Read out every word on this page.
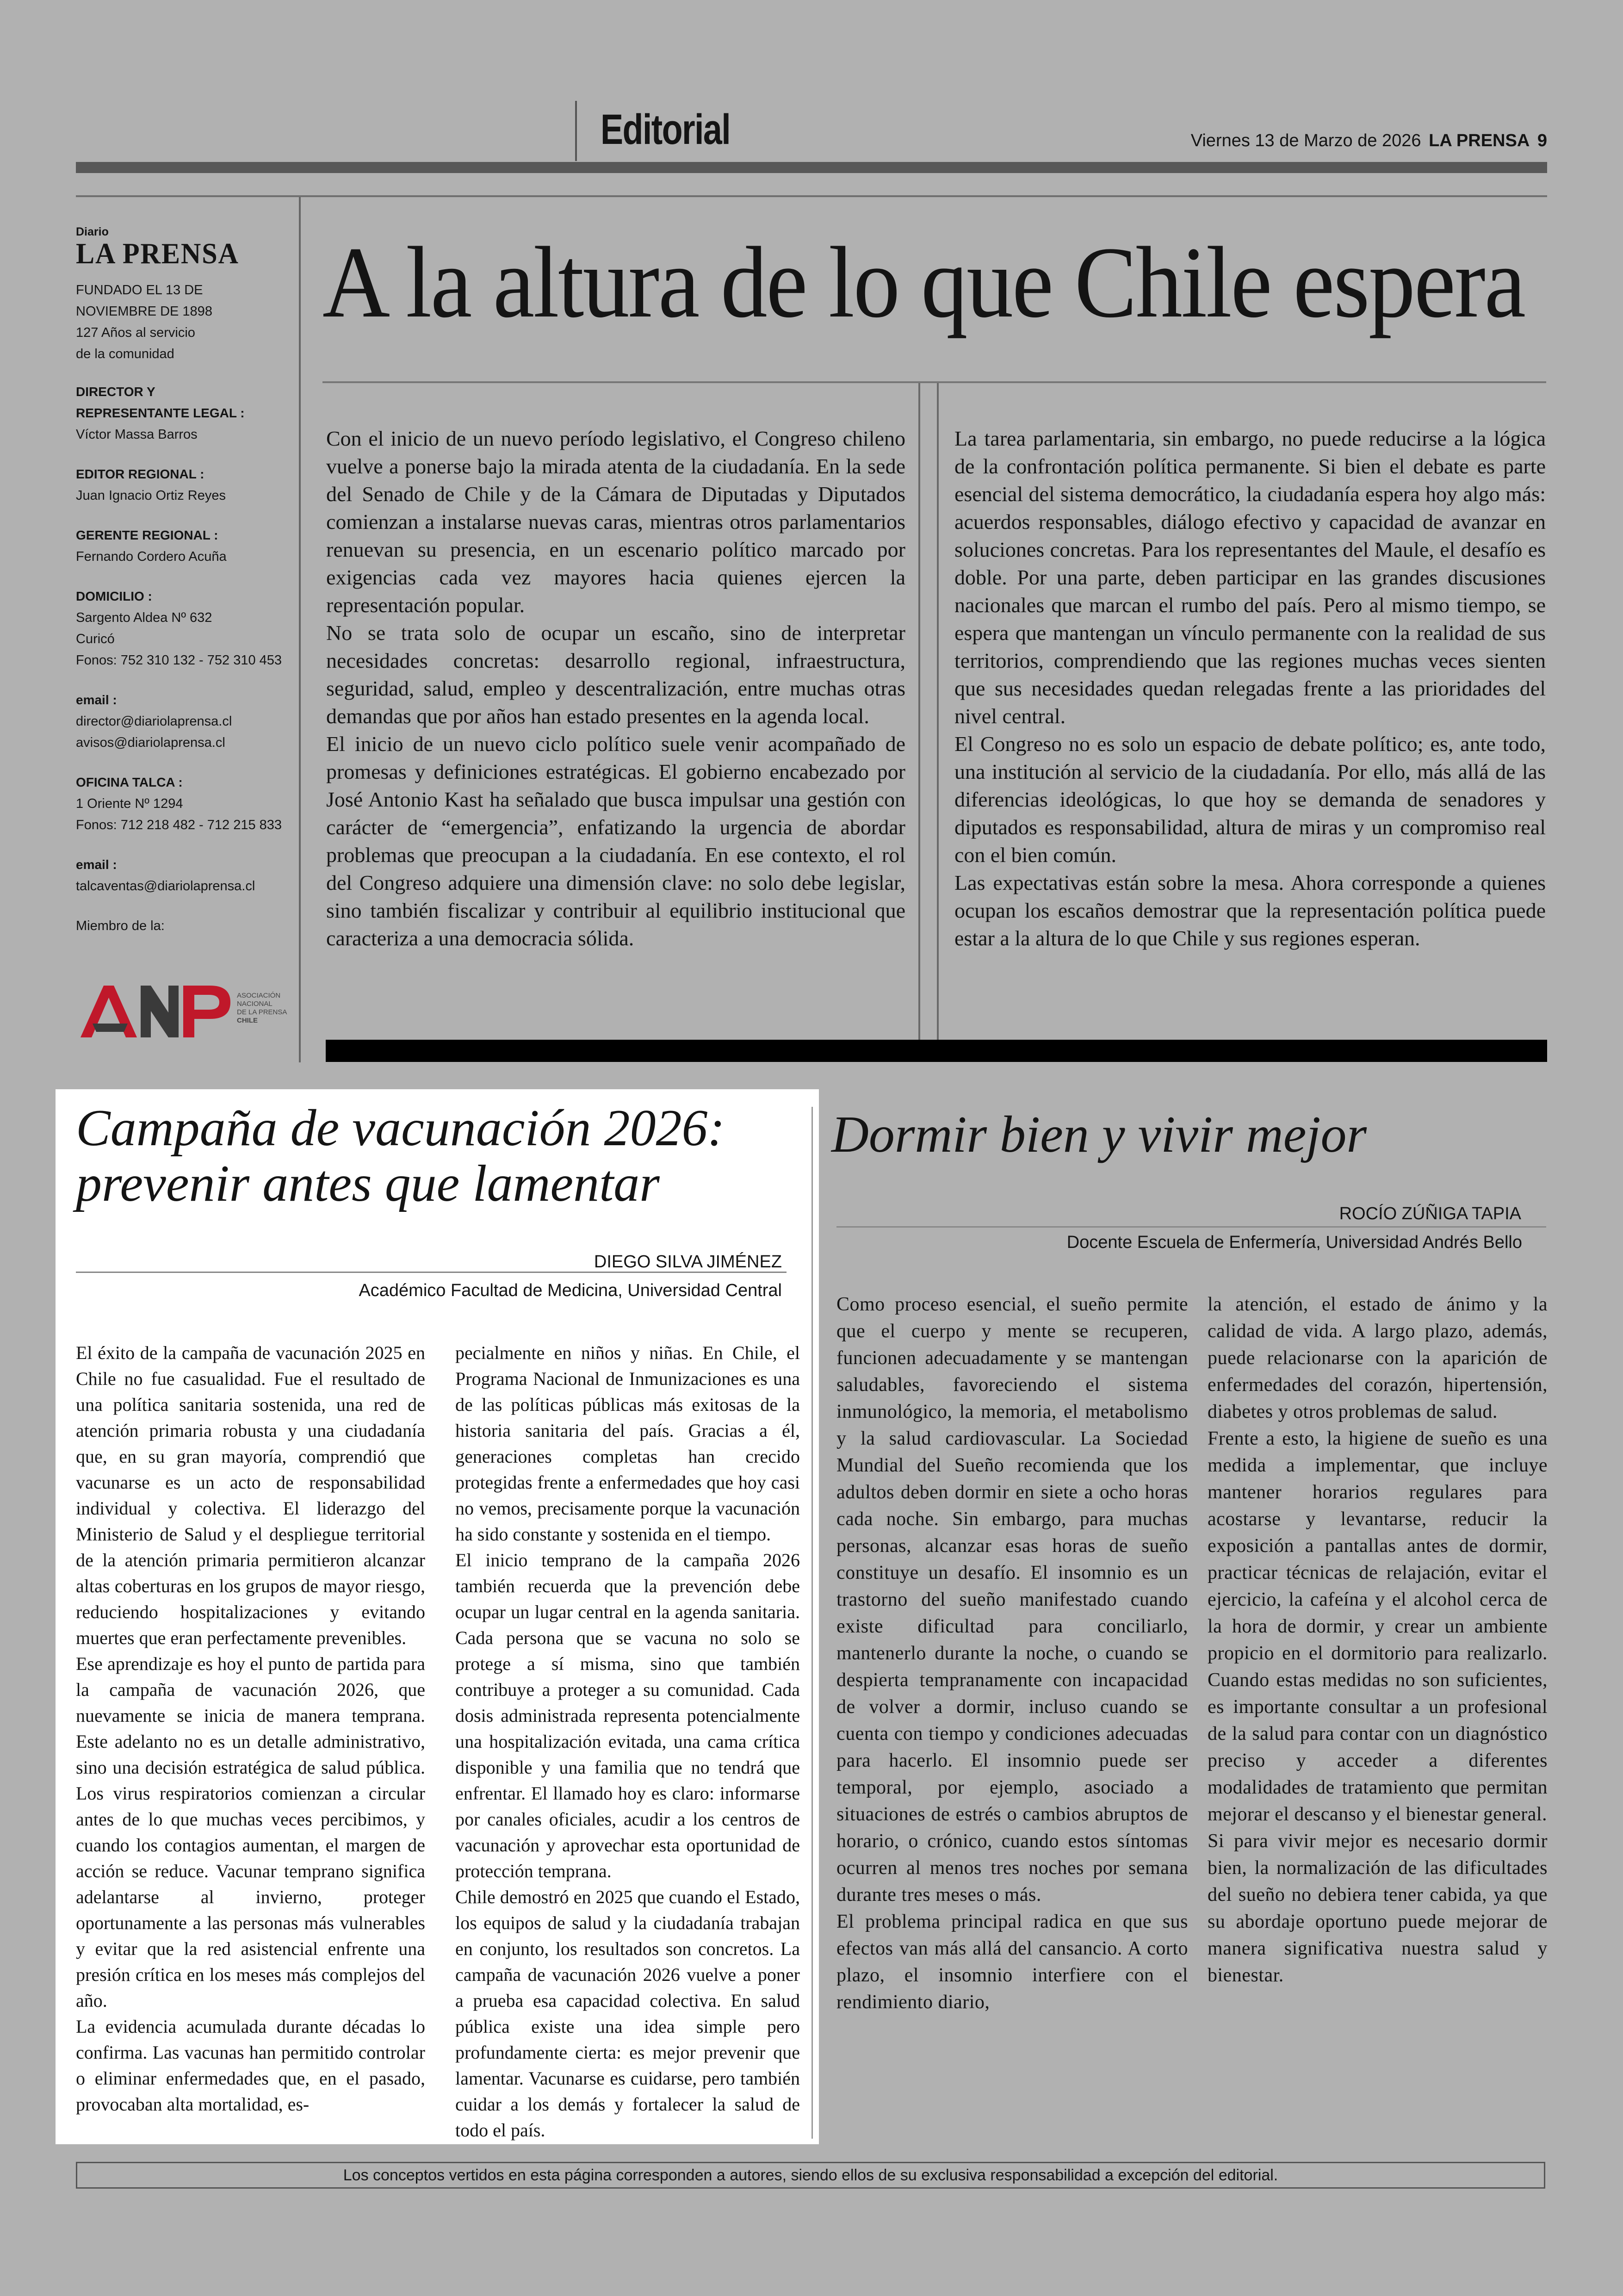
Editorial	Viernes 13 de Marzo de 2026 LA PRENSA 9
Diario
LA PRENSA
FUNDADO EL 13 DE
NOVIEMBRE DE 1898
127 Años al servicio
de la comunidad
DIRECTOR Y
REPRESENTANTE LEGAL :
Víctor Massa Barros
EDITOR REGIONAL :
Juan Ignacio Ortiz Reyes
GERENTE REGIONAL :
Fernando Cordero Acuña
DOMICILIO :
Sargento Aldea Nº 632
Curicó
Fonos: 752 310 132 - 752 310 453
email :
director@diariolaprensa.cl
avisos@diariolaprensa.cl
OFICINA TALCA :
1 Oriente Nº 1294
Fonos: 712 218 482 - 712 215 833
email :
talcaventas@diariolaprensa.cl
Miembro de la:
ASOCIACIÓN
NACIONAL
DE LA PRENSA
CHILE
A la altura de lo que Chile espera

Con el inicio de un nuevo período legislativo, el Congreso chileno vuelve a ponerse bajo la mirada atenta de la ciudadanía. En la sede del Senado de Chile y de la Cámara de Diputadas y Diputados comienzan a instalarse nuevas caras, mientras otros parlamentarios renuevan su presencia, en un escenario político marcado por exigencias cada vez mayores hacia quienes ejercen la representación popular.

No se trata solo de ocupar un escaño, sino de interpretar necesidades concretas: desarrollo regional, infraestructura, seguridad, salud, empleo y descentralización, entre muchas otras demandas que por años han estado presentes en la agenda local.

El inicio de un nuevo ciclo político suele venir acompañado de promesas y definiciones estratégicas. El gobierno encabezado por José Antonio Kast ha señalado que busca impulsar una gestión con carácter de “emergencia”, enfatizando la urgencia de abordar problemas que preocupan a la ciudadanía. En ese contexto, el rol del Congreso adquiere una dimensión clave: no solo debe legislar, sino también fiscalizar y contribuir al equilibrio institucional que caracteriza a una democracia sólida.

La tarea parlamentaria, sin embargo, no puede reducirse a la lógica de la confrontación política permanente. Si bien el debate es parte esencial del sistema democrático, la ciudadanía espera hoy algo más: acuerdos responsables, diálogo efectivo y capacidad de avanzar en soluciones concretas. Para los representantes del Maule, el desafío es doble. Por una parte, deben participar en las grandes discusiones nacionales que marcan el rumbo del país. Pero al mismo tiempo, se espera que mantengan un vínculo permanente con la realidad de sus territorios, comprendiendo que las regiones muchas veces sienten que sus necesidades quedan relegadas frente a las prioridades del nivel central.

El Congreso no es solo un espacio de debate político; es, ante todo, una institución al servicio de la ciudadanía. Por ello, más allá de las diferencias ideológicas, lo que hoy se demanda de senadores y diputados es responsabilidad, altura de miras y un compromiso real con el bien común.

Las expectativas están sobre la mesa. Ahora corresponde a quienes ocupan los escaños demostrar que la representación política puede estar a la altura de lo que Chile y sus regiones esperan.

Campaña de vacunación 2026:
prevenir antes que lamentar
DIEGO SILVA JIMÉNEZ
Académico Facultad de Medicina, Universidad Central

El éxito de la campaña de vacunación 2025 en Chile no fue casualidad. Fue el resultado de una política sanitaria sostenida, una red de atención primaria robusta y una ciudadanía que, en su gran mayoría, comprendió que vacunarse es un acto de responsabilidad individual y colectiva. El liderazgo del Ministerio de Salud y el despliegue territorial de la atención primaria permitieron alcanzar altas coberturas en los grupos de mayor riesgo, reduciendo hospitalizaciones y evitando muertes que eran perfectamente prevenibles.

Ese aprendizaje es hoy el punto de partida para la campaña de vacunación 2026, que nuevamente se inicia de manera temprana. Este adelanto no es un detalle administrativo, sino una decisión estratégica de salud pública. Los virus respiratorios comienzan a circular antes de lo que muchas veces percibimos, y cuando los contagios aumentan, el margen de acción se reduce. Vacunar temprano significa adelantarse al invierno, proteger oportunamente a las personas más vulnerables y evitar que la red asistencial enfrente una presión crítica en los meses más complejos del año.

La evidencia acumulada durante décadas lo confirma. Las vacunas han permitido controlar o eliminar enfermedades que, en el pasado, provocaban alta mortalidad, es-

pecialmente en niños y niñas. En Chile, el Programa Nacional de Inmunizaciones es una de las políticas públicas más exitosas de la historia sanitaria del país. Gracias a él, generaciones completas han crecido protegidas frente a enfermedades que hoy casi no vemos, precisamente porque la vacunación ha sido constante y sostenida en el tiempo.

El inicio temprano de la campaña 2026 también recuerda que la prevención debe ocupar un lugar central en la agenda sanitaria. Cada persona que se vacuna no solo se protege a sí misma, sino que también contribuye a proteger a su comunidad. Cada dosis administrada representa potencialmente una hospitalización evitada, una cama crítica disponible y una familia que no tendrá que enfrentar. El llamado hoy es claro: informarse por canales oficiales, acudir a los centros de vacunación y aprovechar esta oportunidad de protección temprana.

Chile demostró en 2025 que cuando el Estado, los equipos de salud y la ciudadanía trabajan en conjunto, los resultados son concretos. La campaña de vacunación 2026 vuelve a poner a prueba esa capacidad colectiva. En salud pública existe una idea simple pero profundamente cierta: es mejor prevenir que lamentar. Vacunarse es cuidarse, pero también cuidar a los demás y fortalecer la salud de todo el país.

Dormir bien y vivir mejor
ROCÍO ZÚÑIGA TAPIA
Docente Escuela de Enfermería, Universidad Andrés Bello

Como proceso esencial, el sueño permite que el cuerpo y mente se recuperen, funcionen adecuadamente y se mantengan saludables, favoreciendo el sistema inmunológico, la memoria, el metabolismo y la salud cardiovascular. La Sociedad Mundial del Sueño recomienda que los adultos deben dormir en siete a ocho horas cada noche. Sin embargo, para muchas personas, alcanzar esas horas de sueño constituye un desafío. El insomnio es un trastorno del sueño manifestado cuando existe dificultad para conciliarlo, mantenerlo durante la noche, o cuando se despierta tempranamente con incapacidad de volver a dormir, incluso cuando se cuenta con tiempo y condiciones adecuadas para hacerlo. El insomnio puede ser temporal, por ejemplo, asociado a situaciones de estrés o cambios abruptos de horario, o crónico, cuando estos síntomas ocurren al menos tres noches por semana durante tres meses o más.

El problema principal radica en que sus efectos van más allá del cansancio. A corto plazo, el insomnio interfiere con el rendimiento diario,

la atención, el estado de ánimo y la calidad de vida. A largo plazo, además, puede relacionarse con la aparición de enfermedades del corazón, hipertensión, diabetes y otros problemas de salud.

Frente a esto, la higiene de sueño es una medida a implementar, que incluye mantener horarios regulares para acostarse y levantarse, reducir la exposición a pantallas antes de dormir, practicar técnicas de relajación, evitar el ejercicio, la cafeína y el alcohol cerca de la hora de dormir, y crear un ambiente propicio en el dormitorio para realizarlo. Cuando estas medidas no son suficientes, es importante consultar a un profesional de la salud para contar con un diagnóstico preciso y acceder a diferentes modalidades de tratamiento que permitan mejorar el descanso y el bienestar general.

Si para vivir mejor es necesario dormir bien, la normalización de las dificultades del sueño no debiera tener cabida, ya que su abordaje oportuno puede mejorar de manera significativa nuestra salud y bienestar.

Los conceptos vertidos en esta página corresponden a autores, siendo ellos de su exclusiva responsabilidad a excepción del editorial.
